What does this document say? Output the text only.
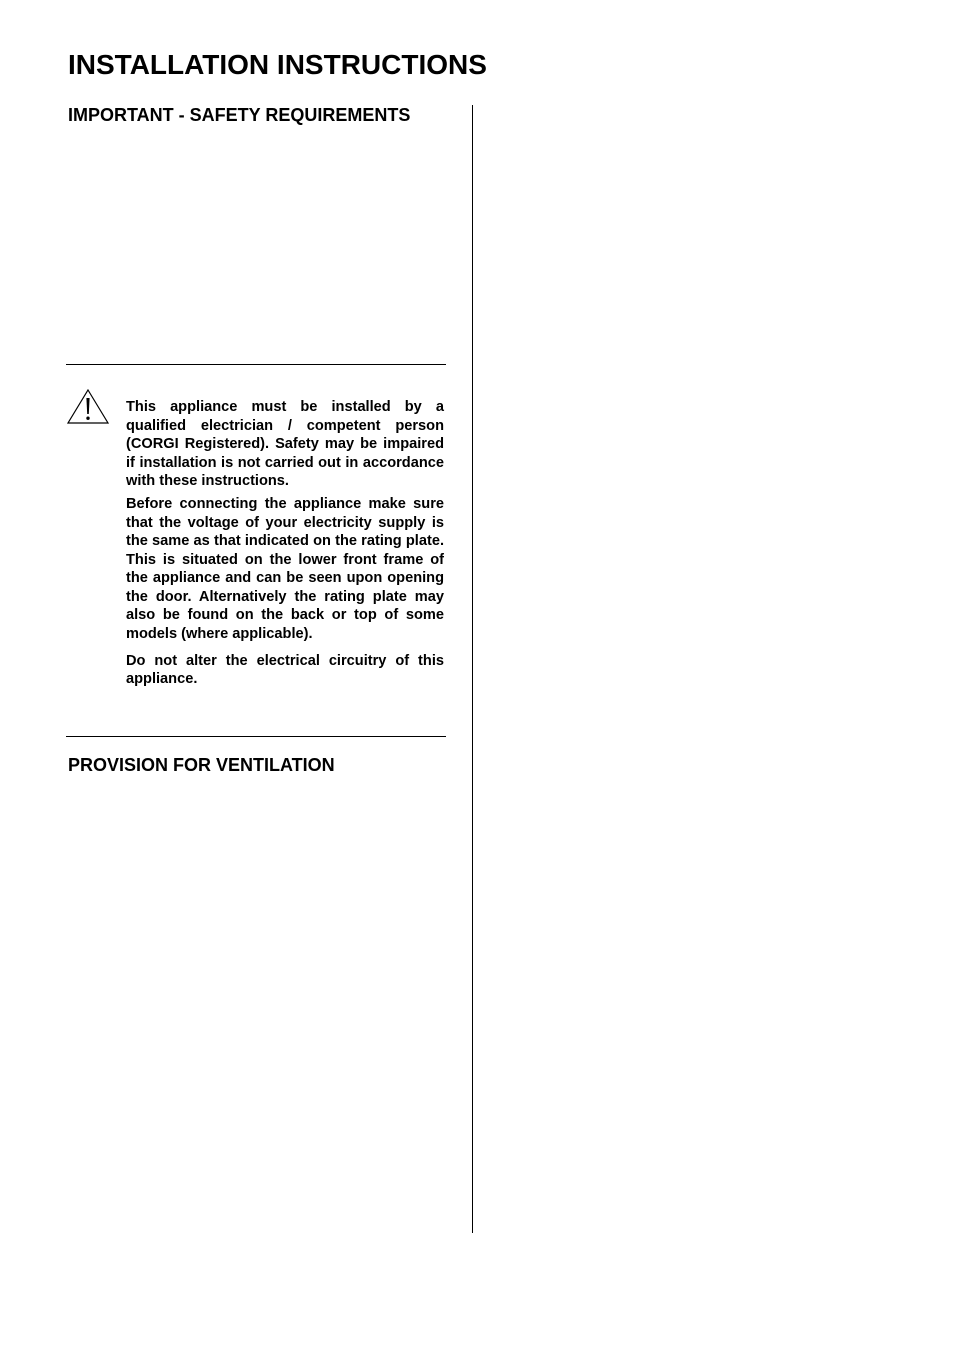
INSTALLATION INSTRUCTIONS
IMPORTANT - SAFETY REQUIREMENTS

This appliance must be installed by a qualified electrician / competent person (CORGI Registered). Safety may be impaired if installation is not carried out in accordance with these instructions.

Before connecting the appliance make sure that the voltage of your electricity supply is the same as that indicated on the rating plate. This is situated on the lower front frame of the appliance and can be seen upon opening the door. Alternatively the rating plate may also be found on the back or top of some models (where applicable).

Do not alter the electrical circuitry of this appliance.

PROVISION FOR VENTILATION
